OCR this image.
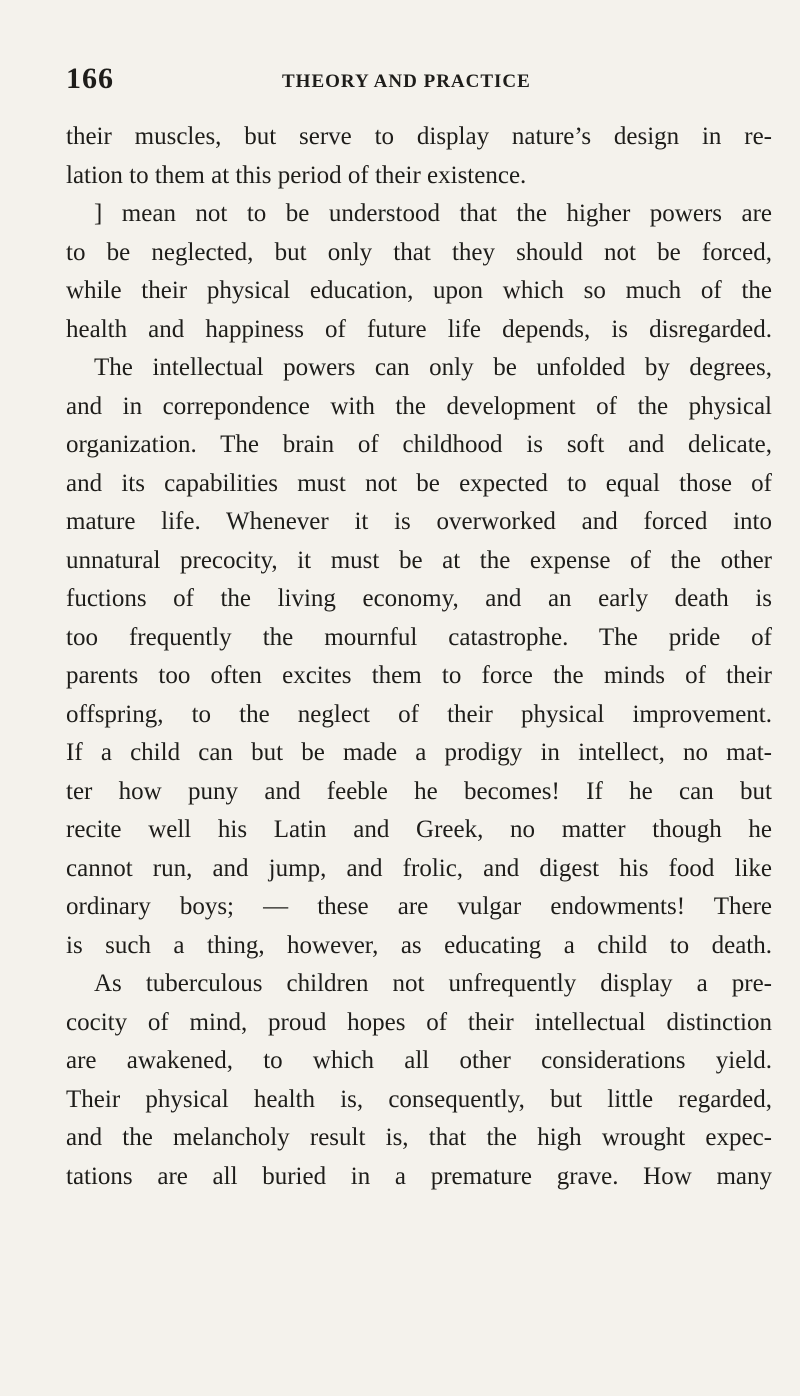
166	THEORY AND PRACTICE
their muscles, but serve to display nature’s design in re-
lation to them at this period of their existence.
] mean not to be understood that the higher powers are
to be neglected, but only that they should not be forced,
while their physical education, upon which so much of the
health and happiness of future life depends, is disregarded.
The intellectual powers can only be unfolded by degrees,
and in correpondence with the development of the physical
organization. The brain of childhood is soft and delicate,
and its capabilities must not be expected to equal those of
mature life. Whenever it is overworked and forced into
unnatural precocity, it must be at the expense of the other
fuctions of the living economy, and an early death is
too frequently the mournful catastrophe. The pride of
parents too often excites them to force the minds of their
offspring, to the neglect of their physical improvement.
If a child can but be made a prodigy in intellect, no mat-
ter how puny and feeble he becomes! If he can but
recite well his Latin and Greek, no matter though he
cannot run, and jump, and frolic, and digest his food like
ordinary boys; — these are vulgar endowments! There
is such a thing, however, as educating a child to death.
As tuberculous children not unfrequently display a pre-
cocity of mind, proud hopes of their intellectual distinction
are awakened, to which all other considerations yield.
Their physical health is, consequently, but little regarded,
and the melancholy result is, that the high wrought expec-
tations are all buried in a premature grave. How many
